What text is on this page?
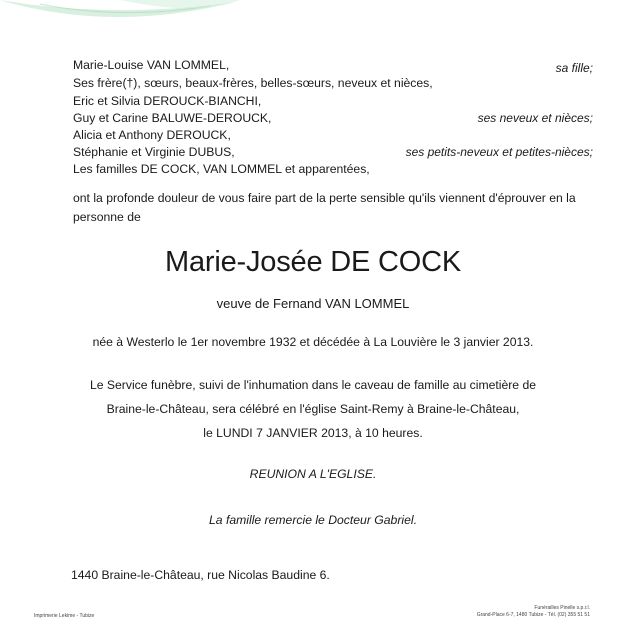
Marie-Louise VAN LOMMEL,	sa fille;
Ses frère(†), sœurs, beaux-frères, belles-sœurs, neveux et nièces,
Eric et Silvia DEROUCK-BIANCHI,
Guy et Carine BALUWE-DEROUCK,	ses neveux et nièces;
Alicia et Anthony DEROUCK,
Stéphanie et Virginie DUBUS,	ses petits-neveux et petites-nièces;
Les familles DE COCK, VAN LOMMEL et apparentées,
ont la profonde douleur de vous faire part de la perte sensible qu'ils viennent d'éprouver en la personne de
Marie-Josée DE COCK
veuve de Fernand VAN LOMMEL
née à Westerlo le 1er novembre 1932 et décédée à La Louvière le 3 janvier 2013.
Le Service funèbre, suivi de l'inhumation dans le caveau de famille au cimetière de
Braine-le-Château, sera célébré en l'église Saint-Remy à Braine-le-Château,
le LUNDI 7 JANVIER 2013, à 10 heures.
REUNION A L'EGLISE.
La famille remercie le Docteur Gabriel.
1440 Braine-le-Château, rue Nicolas Baudine 6.
Imprimerie Lekime - Tubize
Funérailles Pinelle s.p.r.l.
Grand-Place 6-7, 1480 Tubize - Tél. (02) 355 51 51
